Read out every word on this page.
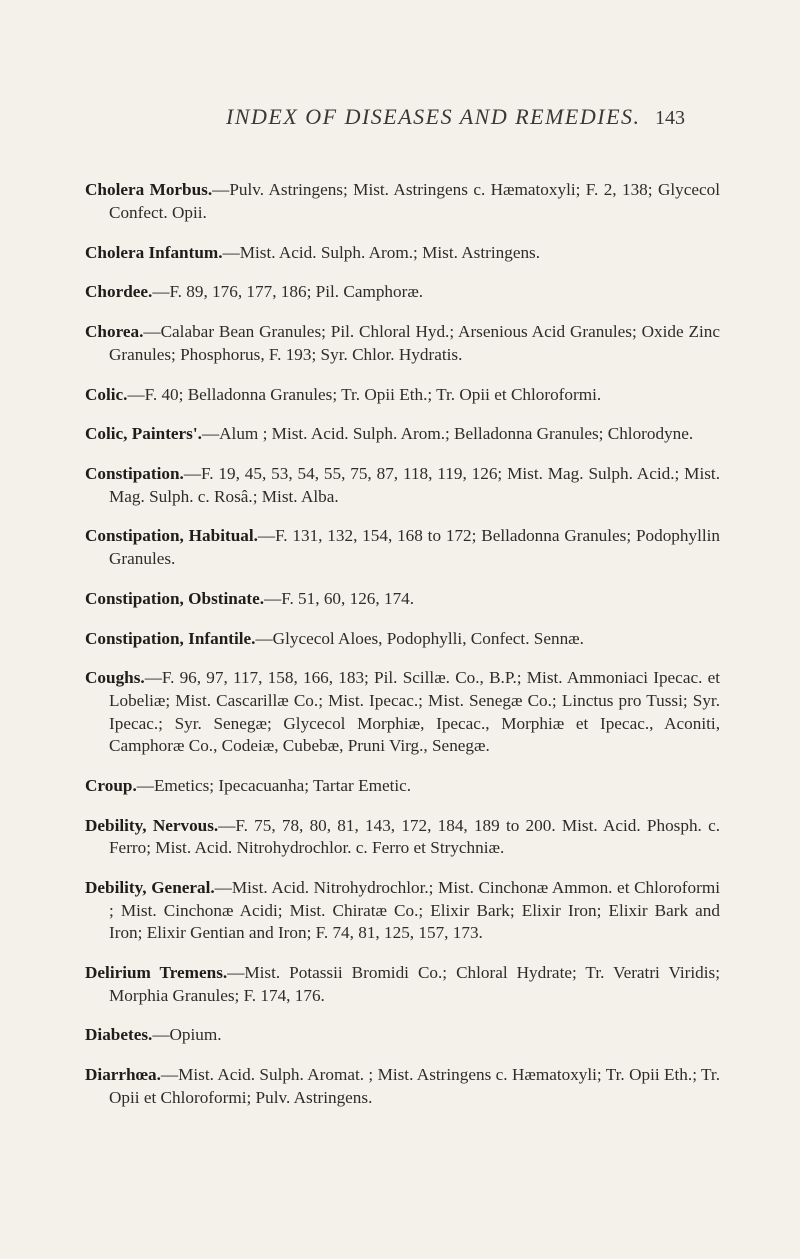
INDEX OF DISEASES AND REMEDIES. 143

Cholera Morbus.—Pulv. Astringens; Mist. Astringens c. Hæmatoxyli; F. 2, 138; Glycecol Confect. Opii.

Cholera Infantum.—Mist. Acid. Sulph. Arom.; Mist. Astringens.

Chordee.—F. 89, 176, 177, 186; Pil. Camphoræ.

Chorea.—Calabar Bean Granules; Pil. Chloral Hyd.; Arsenious Acid Granules; Oxide Zinc Granules; Phosphorus, F. 193; Syr. Chlor. Hydratis.

Colic.—F. 40; Belladonna Granules; Tr. Opii Eth.; Tr. Opii et Chloroformi.

Colic, Painters'.—Alum ; Mist. Acid. Sulph. Arom.; Belladonna Granules; Chlorodyne.

Constipation.—F. 19, 45, 53, 54, 55, 75, 87, 118, 119, 126; Mist. Mag. Sulph. Acid.; Mist. Mag. Sulph. c. Rosâ.; Mist. Alba.

Constipation, Habitual.—F. 131, 132, 154, 168 to 172; Belladonna Granules; Podophyllin Granules.

Constipation, Obstinate.—F. 51, 60, 126, 174.

Constipation, Infantile.—Glycecol Aloes, Podophylli, Confect. Sennæ.

Coughs.—F. 96, 97, 117, 158, 166, 183; Pil. Scillæ. Co., B.P.; Mist. Ammoniaci Ipecac. et Lobeliæ; Mist. Cascarillæ Co.; Mist. Ipecac.; Mist. Senegæ Co.; Linctus pro Tussi; Syr. Ipecac.; Syr. Senegæ; Glycecol Morphiæ, Ipecac., Morphiæ et Ipecac., Aconiti, Camphoræ Co., Codeiæ, Cubebæ, Pruni Virg., Senegæ.

Croup.—Emetics; Ipecacuanha; Tartar Emetic.

Debility, Nervous.—F. 75, 78, 80, 81, 143, 172, 184, 189 to 200. Mist. Acid. Phosph. c. Ferro; Mist. Acid. Nitrohydrochlor. c. Ferro et Strychniæ.

Debility, General.—Mist. Acid. Nitrohydrochlor.; Mist. Cinchonæ Ammon. et Chloroformi ; Mist. Cinchonæ Acidi; Mist. Chiratæ Co.; Elixir Bark; Elixir Iron; Elixir Bark and Iron; Elixir Gentian and Iron; F. 74, 81, 125, 157, 173.

Delirium Tremens.—Mist. Potassii Bromidi Co.; Chloral Hydrate; Tr. Veratri Viridis; Morphia Granules; F. 174, 176.

Diabetes.—Opium.

Diarrhœa.—Mist. Acid. Sulph. Aromat. ; Mist. Astringens c. Hæmatoxyli; Tr. Opii Eth.; Tr. Opii et Chloroformi; Pulv. Astringens.
